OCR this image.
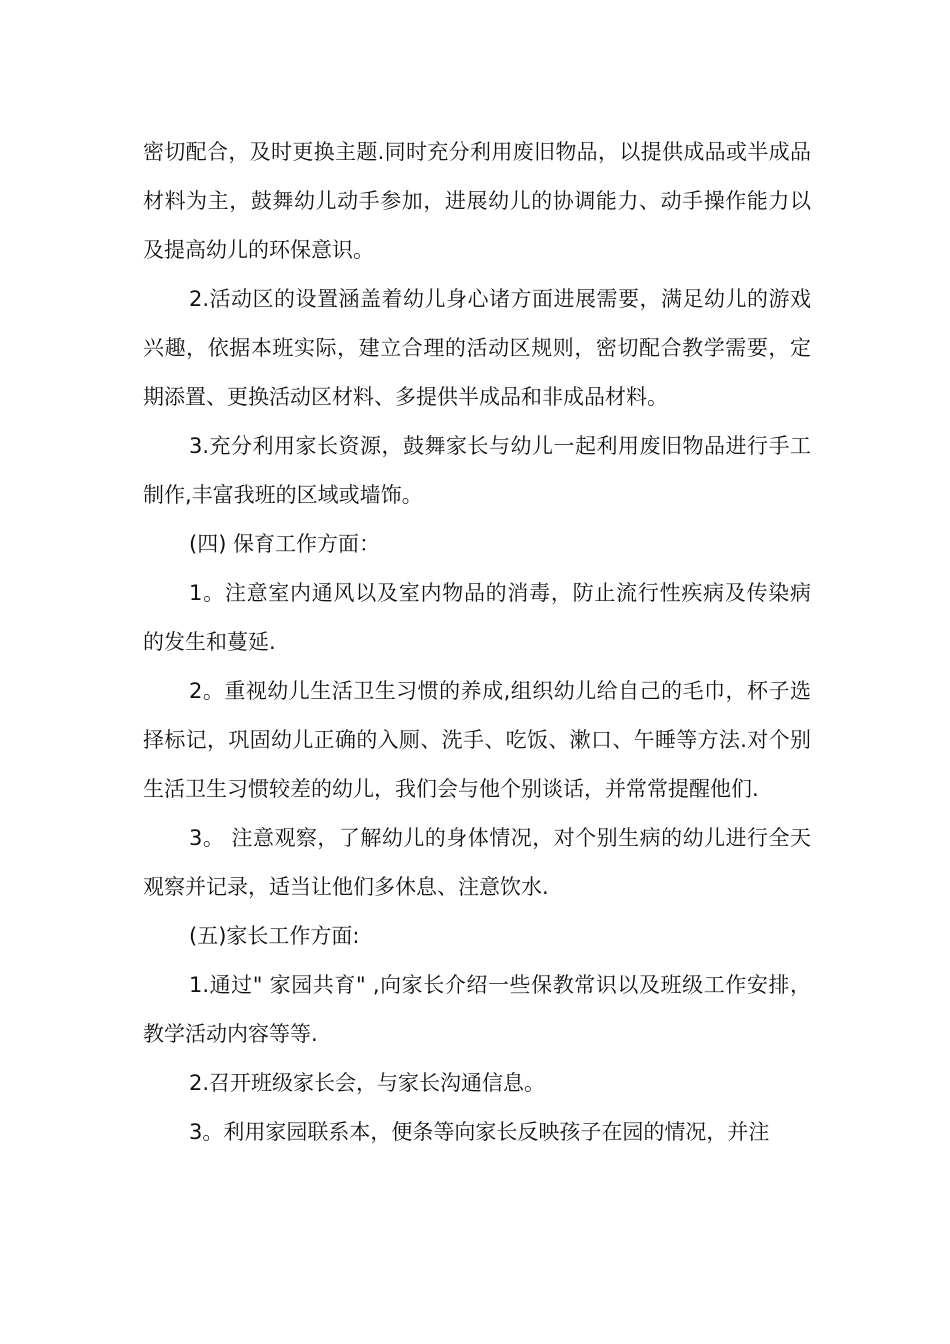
密切配合，及时更换主题.同时充分利用废旧物品，以提供成品或半成品材料为主，鼓舞幼儿动手参加，进展幼儿的协调能力、动手操作能力以及提高幼儿的环保意识。

2.活动区的设置涵盖着幼儿身心诸方面进展需要，满足幼儿的游戏兴趣，依据本班实际，建立合理的活动区规则，密切配合教学需要，定期添置、更换活动区材料、多提供半成品和非成品材料。

3.充分利用家长资源，鼓舞家长与幼儿一起利用废旧物品进行手工制作,丰富我班的区域或墙饰。

(四) 保育工作方面：

1。注意室内通风以及室内物品的消毒，防止流行性疾病及传染病的发生和蔓延.

2。重视幼儿生活卫生习惯的养成,组织幼儿给自己的毛巾，杯子选择标记，巩固幼儿正确的入厕、洗手、吃饭、漱口、午睡等方法.对个别生活卫生习惯较差的幼儿，我们会与他个别谈话，并常常提醒他们.

3。 注意观察，了解幼儿的身体情况，对个别生病的幼儿进行全天观察并记录，适当让他们多休息、注意饮水.

(五)家长工作方面:

1.通过" 家园共育" ,向家长介绍一些保教常识以及班级工作安排，教学活动内容等等.

2.召开班级家长会，与家长沟通信息。

3。利用家园联系本，便条等向家长反映孩子在园的情况，并注
